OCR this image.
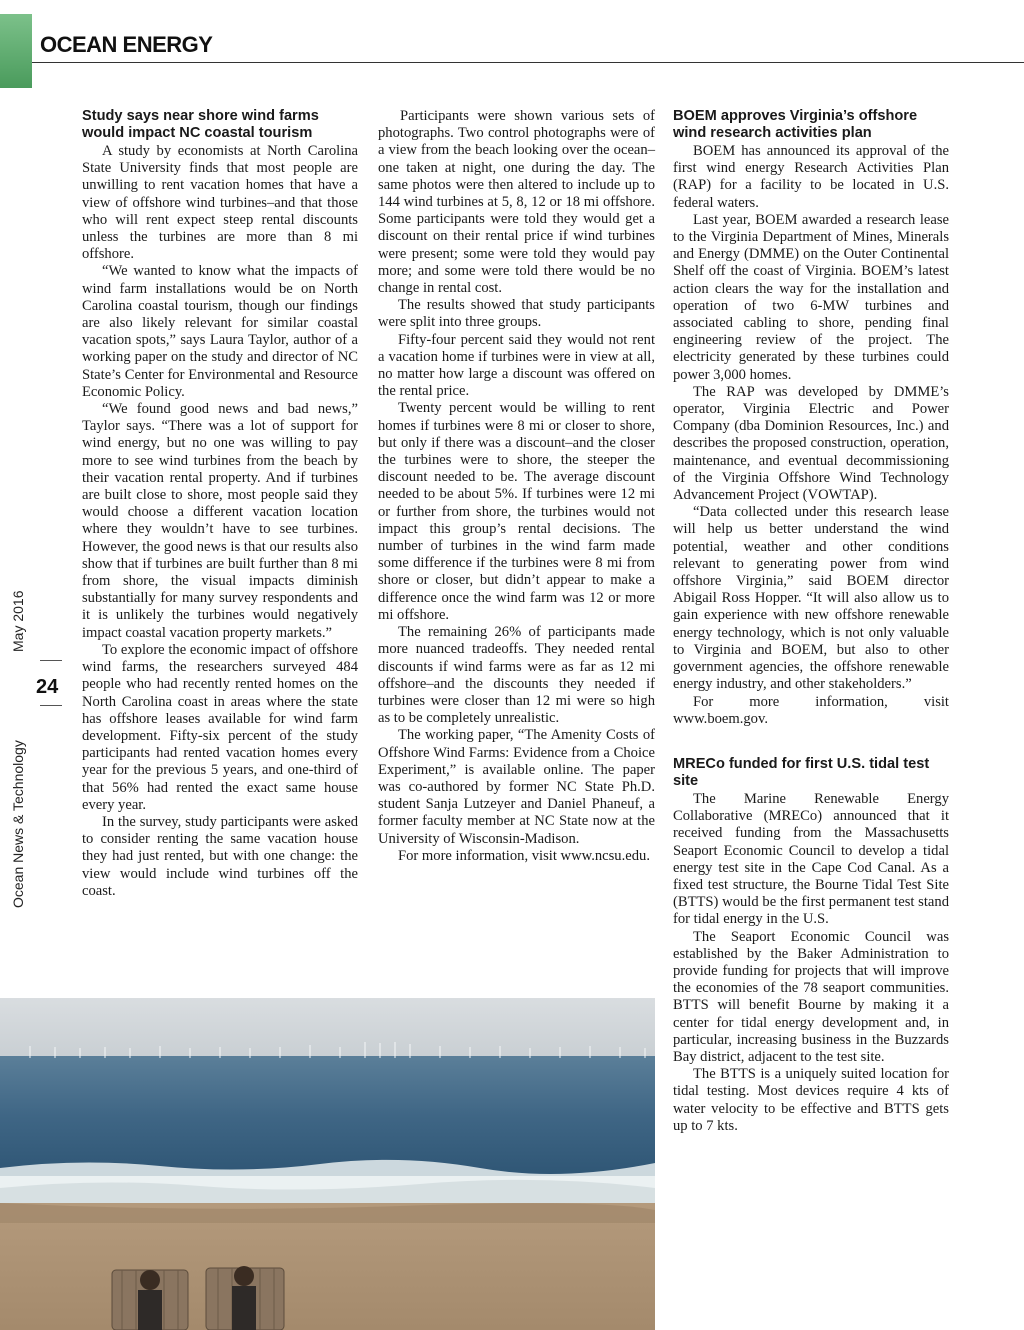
OCEAN ENERGY
May 2016
24
Ocean News & Technology
Study says near shore wind farms would impact NC coastal tourism

A study by economists at North Carolina State University finds that most people are unwilling to rent vacation homes that have a view of offshore wind turbines–and that those who will rent expect steep rental discounts unless the turbines are more than 8 mi offshore.

“We wanted to know what the impacts of wind farm installations would be on North Carolina coastal tourism, though our findings are also likely relevant for similar coastal vacation spots,” says Laura Taylor, author of a working paper on the study and director of NC State’s Center for Environmental and Resource Economic Policy.

“We found good news and bad news,” Taylor says. “There was a lot of support for wind energy, but no one was willing to pay more to see wind turbines from the beach by their vacation rental property. And if turbines are built close to shore, most people said they would choose a different vacation location where they wouldn’t have to see turbines. However, the good news is that our results also show that if turbines are built further than 8 mi from shore, the visual impacts diminish substantially for many survey respondents and it is unlikely the turbines would negatively impact coastal vacation property markets.”

To explore the economic impact of offshore wind farms, the researchers surveyed 484 people who had recently rented homes on the North Carolina coast in areas where the state has offshore leases available for wind farm development. Fifty-six percent of the study participants had rented vacation homes every year for the previous 5 years, and one-third of that 56% had rented the exact same house every year.

In the survey, study participants were asked to consider renting the same vacation house they had just rented, but with one change: the view would include wind turbines off the coast.

Participants were shown various sets of photographs. Two control photographs were of a view from the beach looking over the ocean–one taken at night, one during the day. The same photos were then altered to include up to 144 wind turbines at 5, 8, 12 or 18 mi offshore. Some participants were told they would get a discount on their rental price if wind turbines were present; some were told they would pay more; and some were told there would be no change in rental cost.

The results showed that study participants were split into three groups.

Fifty-four percent said they would not rent a vacation home if turbines were in view at all, no matter how large a discount was offered on the rental price.

Twenty percent would be willing to rent homes if turbines were 8 mi or closer to shore, but only if there was a discount–and the closer the turbines were to shore, the steeper the discount needed to be. The average discount needed to be about 5%. If turbines were 12 mi or further from shore, the turbines would not impact this group’s rental decisions. The number of turbines in the wind farm made some difference if the turbines were 8 mi from shore or closer, but didn’t appear to make a difference once the wind farm was 12 or more mi offshore.

The remaining 26% of participants made more nuanced tradeoffs. They needed rental discounts if wind farms were as far as 12 mi offshore–and the discounts they needed if turbines were closer than 12 mi were so high as to be completely unrealistic.

The working paper, “The Amenity Costs of Offshore Wind Farms: Evidence from a Choice Experiment,” is available online. The paper was co-authored by former NC State Ph.D. student Sanja Lutzeyer and Daniel Phaneuf, a former faculty member at NC State now at the University of Wisconsin-Madison.

For more information, visit www.ncsu.edu.

BOEM approves Virginia’s offshore wind research activities plan

BOEM has announced its approval of the first wind energy Research Activities Plan (RAP) for a facility to be located in U.S. federal waters.

Last year, BOEM awarded a research lease to the Virginia Department of Mines, Minerals and Energy (DMME) on the Outer Continental Shelf off the coast of Virginia. BOEM’s latest action clears the way for the installation and operation of two 6-MW turbines and associated cabling to shore, pending final engineering review of the project. The electricity generated by these turbines could power 3,000 homes.

The RAP was developed by DMME’s operator, Virginia Electric and Power Company (dba Dominion Resources, Inc.) and describes the proposed construction, operation, maintenance, and eventual decommissioning of the Virginia Offshore Wind Technology Advancement Project (VOWTAP).

“Data collected under this research lease will help us better understand the wind potential, weather and other conditions relevant to generating power from wind offshore Virginia,” said BOEM director Abigail Ross Hopper. “It will also allow us to gain experience with new offshore renewable energy technology, which is not only valuable to Virginia and BOEM, but also to other government agencies, the offshore renewable energy industry, and other stakeholders.”

For more information, visit www.boem.gov.

MRECo funded for first U.S. tidal test site

The Marine Renewable Energy Collaborative (MRECo) announced that it received funding from the Massachusetts Seaport Economic Council to develop a tidal energy test site in the Cape Cod Canal. As a fixed test structure, the Bourne Tidal Test Site (BTTS) would be the first permanent test stand for tidal energy in the U.S.

The Seaport Economic Council was established by the Baker Administration to provide funding for projects that will improve the economies of the 78 seaport communities. BTTS will benefit Bourne by making it a center for tidal energy development and, in particular, increasing business in the Buzzards Bay district, adjacent to the test site.

The BTTS is a uniquely suited location for tidal testing. Most devices require 4 kts of water velocity to be effective and BTTS gets up to 7 kts.
